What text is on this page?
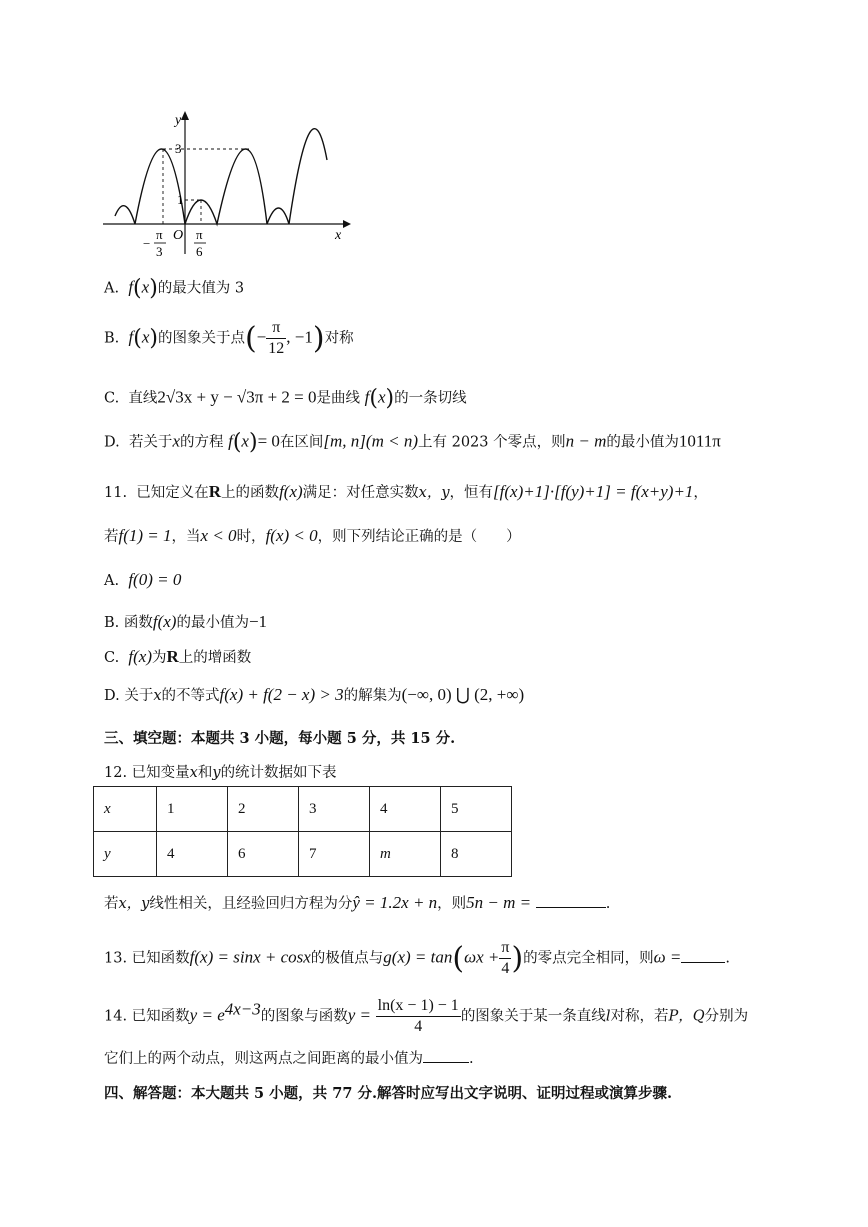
y
x
3
1
O
−
π
3
π
6
A. f(x)的最大值为 3
B. f(x)的图象关于点(− $\frac{\pi}{12}$ , −1)对称
C. 直线2√3x + y − √3π + 2 = 0是曲线 f(x)的一条切线
D. 若关于x的方程 f(x)= 0在区间[m, n](m < n)上有 2023 个零点，则n − m的最小值为1011π
11. 已知定义在R上的函数f(x)满足：对任意实数x，y，恒有[f(x)+1]·[f(y)+1] = f(x+y)+1，
若f(1) = 1，当x < 0时，f(x) < 0，则下列结论正确的是（　　）
A. f(0) = 0
B. 函数f(x)的最小值为−1
C. f(x)为R上的增函数
D. 关于x的不等式f(x) + f(2 − x) > 3的解集为(−∞, 0) ⋃ (2, +∞)
三、填空题：本题共 3 小题，每小题 5 分，共 15 分.
12. 已知变量x和y的统计数据如下表
x	1	2	3	4	5
y	4	6	7	m	8
若x，y线性相关，且经验回归方程为分ŷ = 1.2x + n，则5n − m =	.
13. 已知函数f(x) = sinx + cosx的极值点与$g(x) = \tan(\omega x + \frac{\pi}{4}$ )的零点完全相同，则ω =	.
14. 已知函数$y = e^{4x-3}$的图象与函数$y = \frac{\ln(x - 1) - 1}{4}$ 的图象关于某一条直线l对称，若P，Q分别为
它们上的两个动点，则这两点之间距离的最小值为	.
四、解答题：本大题共 5 小题，共 77 分.解答时应写出文字说明、证明过程或演算步骤.
